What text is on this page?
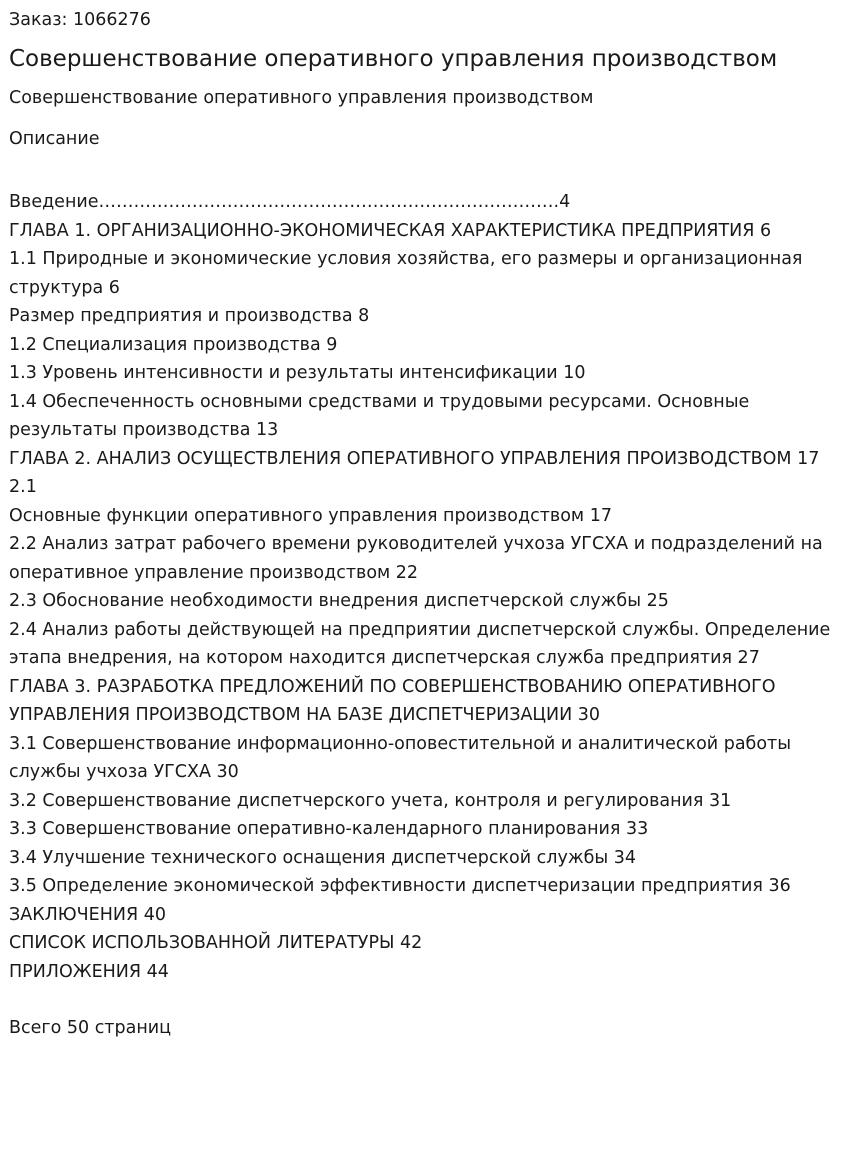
Заказ: 1066276

Совершенствование оперативного управления производством

Совершенствование оперативного управления производством

Описание

Введение…………………………………………………………………….4
ГЛАВА 1. ОРГАНИЗАЦИОННО-ЭКОНОМИЧЕСКАЯ ХАРАКТЕРИСТИКА ПРЕДПРИЯТИЯ 6
1.1 Природные и экономические условия хозяйства, его размеры и организационная структура 6
Размер предприятия и производства 8
1.2 Специализация производства 9
1.3 Уровень интенсивности и результаты интенсификации 10
1.4 Обеспеченность основными средствами и трудовыми ресурсами. Основные результаты производства 13
ГЛАВА 2. АНАЛИЗ ОСУЩЕСТВЛЕНИЯ ОПЕРАТИВНОГО УПРАВЛЕНИЯ ПРОИЗВОДСТВОМ 17
2.1
Основные функции оперативного управления производством 17
2.2 Анализ затрат рабочего времени руководителей учхоза УГСХА и подразделений на оперативное управление производством 22
2.3 Обоснование необходимости внедрения диспетчерской службы 25
2.4 Анализ работы действующей на предприятии диспетчерской службы. Определение этапа внедрения, на котором находится диспетчерская служба предприятия 27
ГЛАВА 3. РАЗРАБОТКА ПРЕДЛОЖЕНИЙ ПО СОВЕРШЕНСТВОВАНИЮ ОПЕРАТИВНОГО УПРАВЛЕНИЯ ПРОИЗВОДСТВОМ НА БАЗЕ ДИСПЕТЧЕРИЗАЦИИ 30
3.1 Совершенствование информационно-оповестительной и аналитической работы службы учхоза УГСХА 30
3.2 Совершенствование диспетчерского учета, контроля и регулирования 31
3.3 Совершенствование оперативно-календарного планирования 33
3.4 Улучшение технического оснащения диспетчерской службы 34
3.5 Определение экономической эффективности диспетчеризации предприятия 36
ЗАКЛЮЧЕНИЯ 40
СПИСОК ИСПОЛЬЗОВАННОЙ ЛИТЕРАТУРЫ 42
ПРИЛОЖЕНИЯ 44

Всего 50 страниц
